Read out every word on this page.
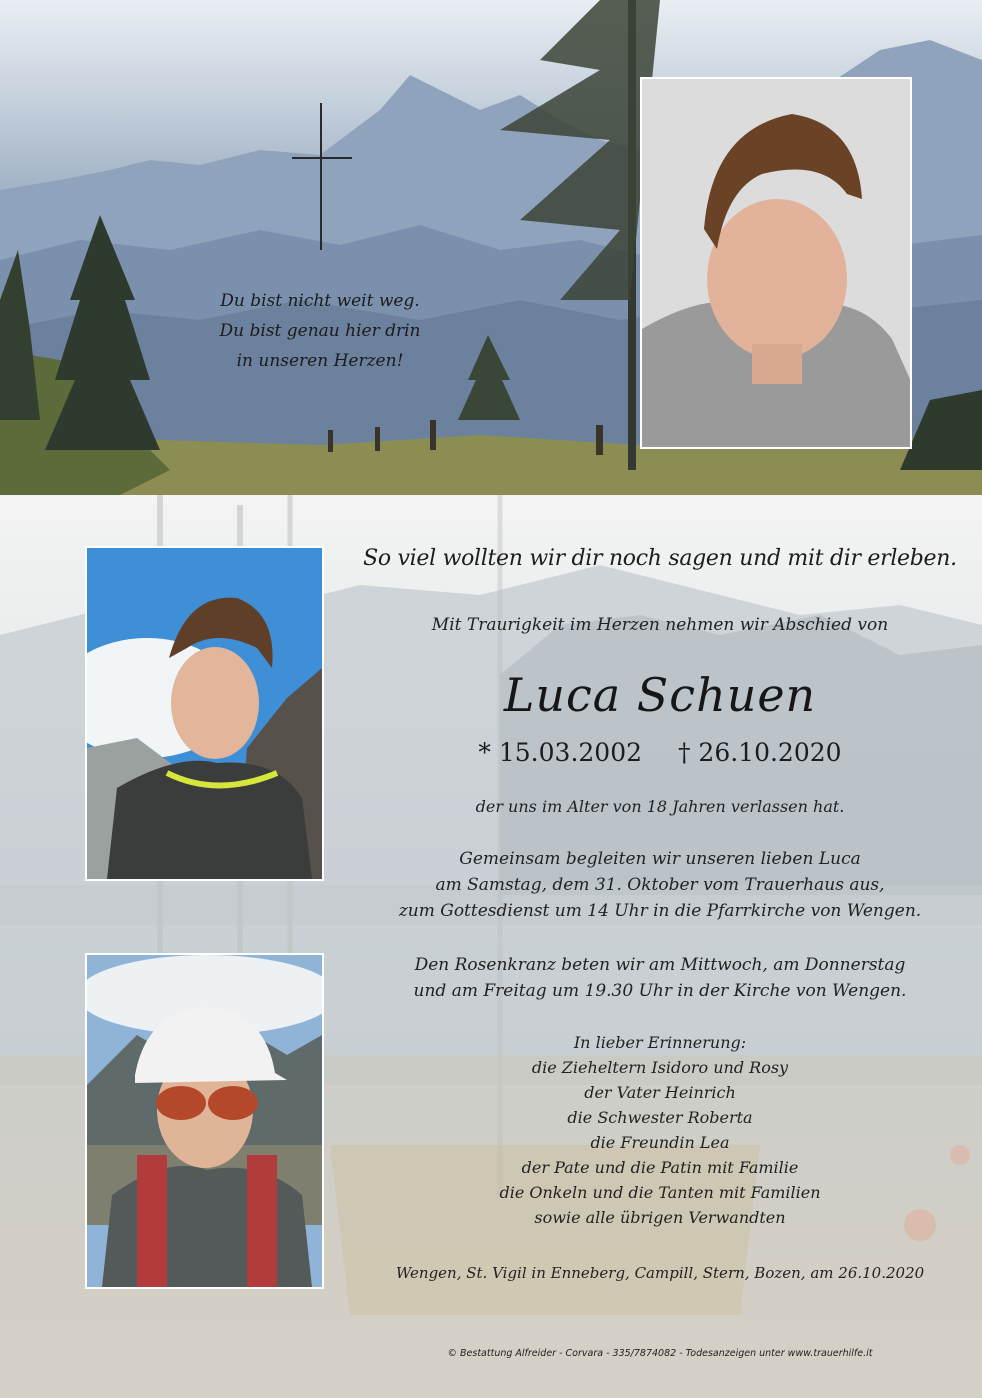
Du bist nicht weit weg.
Du bist genau hier drin
in unseren Herzen!
So viel wollten wir dir noch sagen und mit dir erleben.
Mit Traurigkeit im Herzen nehmen wir Abschied von
Luca Schuen
* 15.03.2002 † 26.10.2020
der uns im Alter von 18 Jahren verlassen hat.
Gemeinsam begleiten wir unseren lieben Luca
am Samstag, dem 31. Oktober vom Trauerhaus aus,
zum Gottesdienst um 14 Uhr in die Pfarrkirche von Wengen.
Den Rosenkranz beten wir am Mittwoch, am Donnerstag
und am Freitag um 19.30 Uhr in der Kirche von Wengen.
In lieber Erinnerung:
die Zieheltern Isidoro und Rosy
der Vater Heinrich
die Schwester Roberta
die Freundin Lea
der Pate und die Patin mit Familie
die Onkeln und die Tanten mit Familien
sowie alle übrigen Verwandten
Wengen, St. Vigil in Enneberg, Campill, Stern, Bozen, am 26.10.2020
© Bestattung Alfreider - Corvara - 335/7874082 - Todesanzeigen unter www.trauerhilfe.it
